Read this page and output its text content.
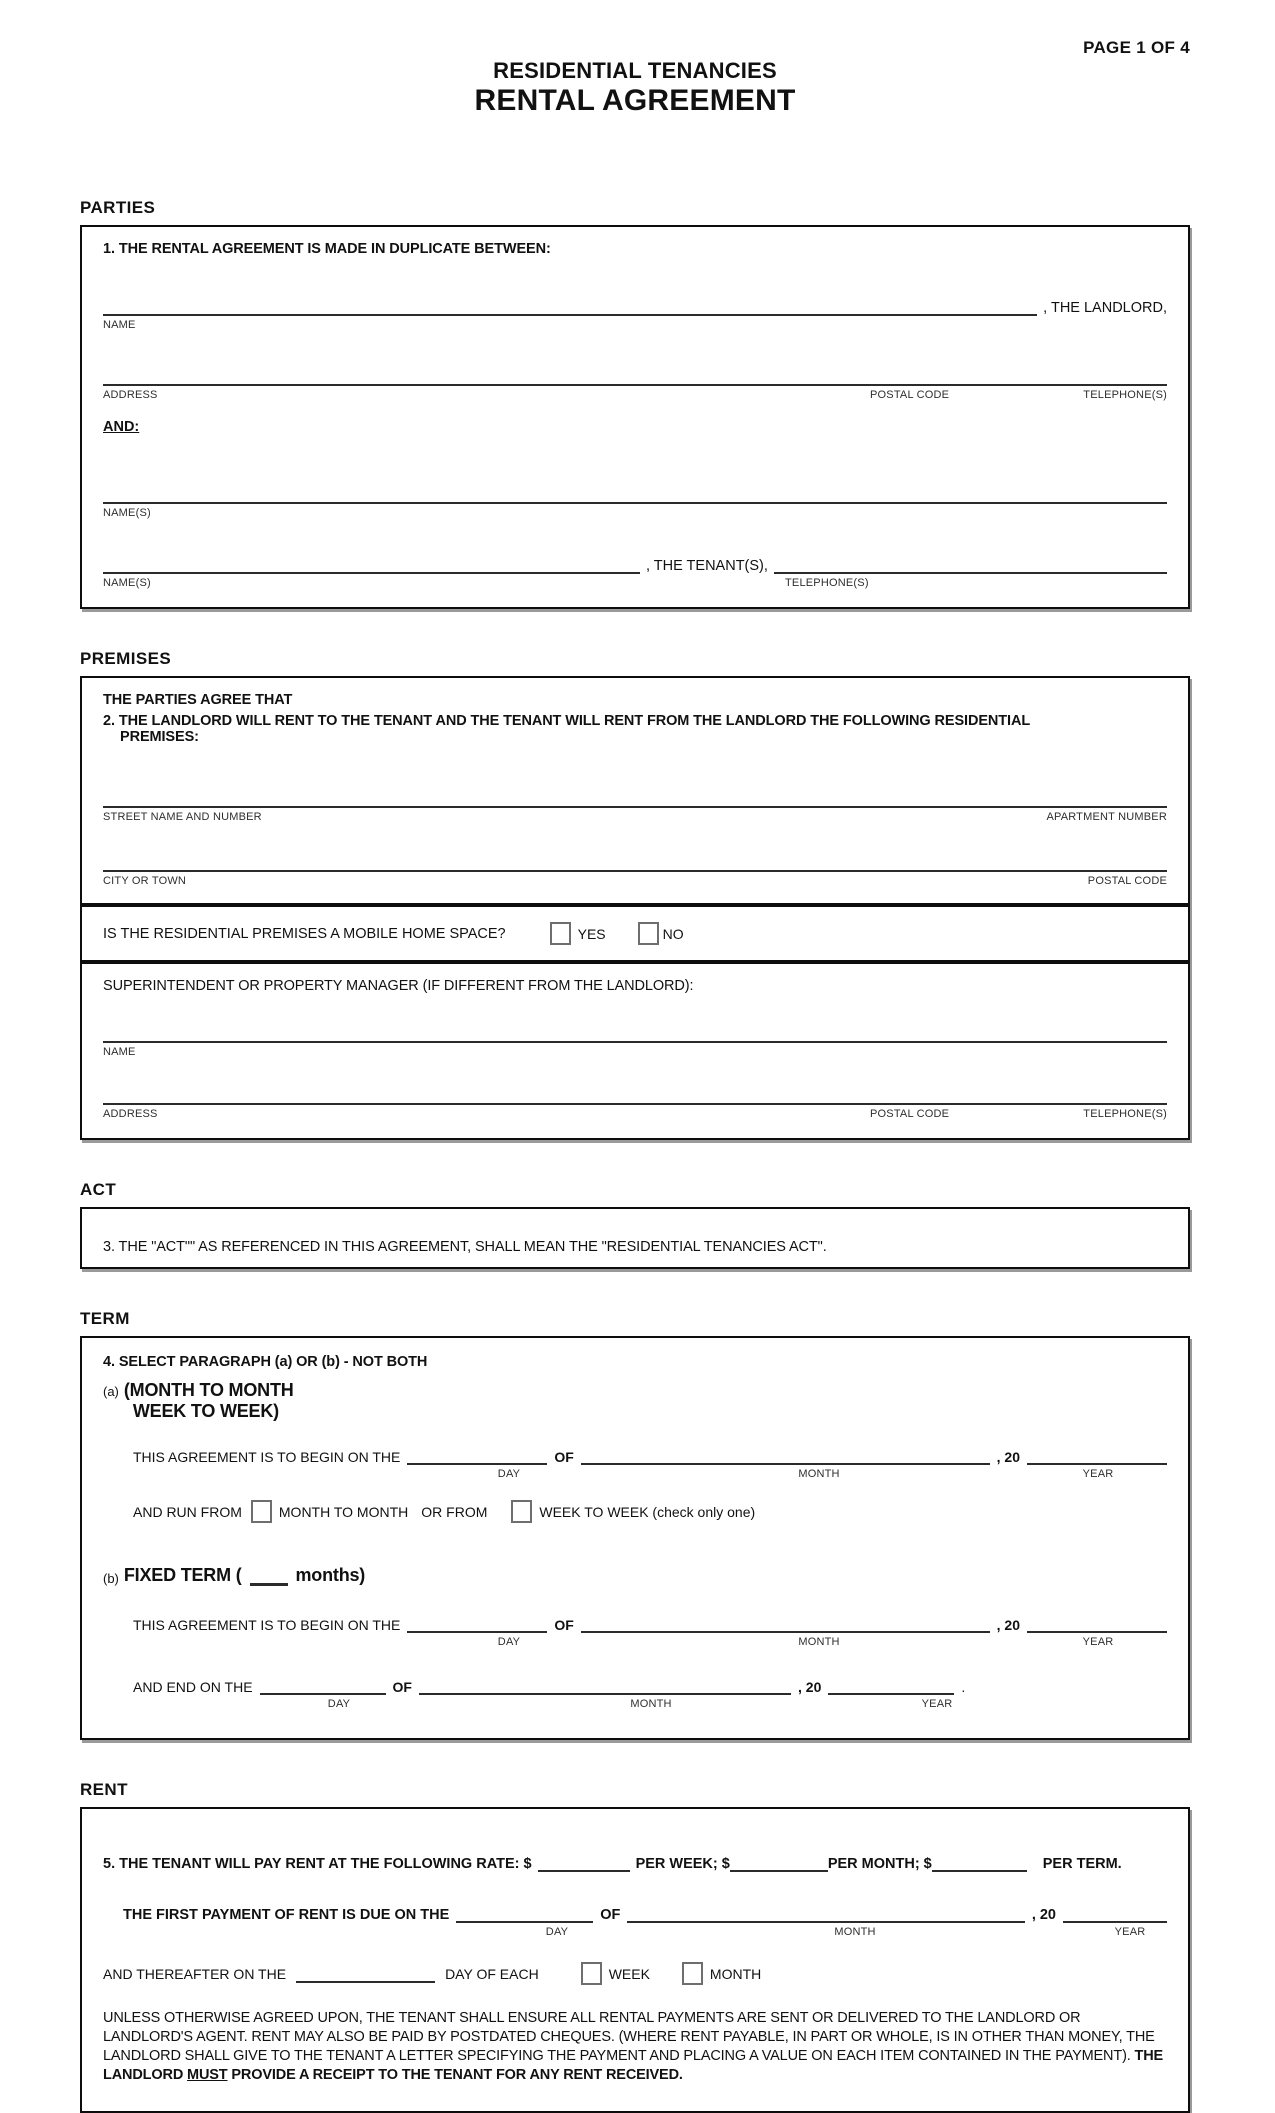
PAGE 1 OF 4
RESIDENTIAL TENANCIES
RENTAL AGREEMENT
PARTIES
1. THE RENTAL AGREEMENT IS MADE IN DUPLICATE BETWEEN:
, THE LANDLORD,
NAME
ADDRESS	POSTAL CODE	TELEPHONE(S)
AND:
NAME(S)
, THE TENANT(S),
NAME(S)	TELEPHONE(S)
PREMISES
THE PARTIES AGREE THAT
2. THE LANDLORD WILL RENT TO THE TENANT AND THE TENANT WILL RENT FROM THE LANDLORD THE FOLLOWING RESIDENTIAL
PREMISES:
STREET NAME AND NUMBER	APARTMENT NUMBER
CITY OR TOWN	POSTAL CODE
IS THE RESIDENTIAL PREMISES A MOBILE HOME SPACE?	YES	NO
SUPERINTENDENT OR PROPERTY MANAGER (IF DIFFERENT FROM THE LANDLORD):
NAME
ADDRESS	POSTAL CODE	TELEPHONE(S)
ACT
3. THE "ACT"" AS REFERENCED IN THIS AGREEMENT, SHALL MEAN THE "RESIDENTIAL TENANCIES ACT".
TERM
4. SELECT PARAGRAPH (a) OR (b) - NOT BOTH
(a) (MONTH TO MONTH
WEEK TO WEEK)
THIS AGREEMENT IS TO BEGIN ON THE	OF	, 20
DAY	MONTH	YEAR
AND RUN FROM	MONTH TO MONTH OR FROM	WEEK TO WEEK (check only one)
(b) FIXED TERM (	months)
THIS AGREEMENT IS TO BEGIN ON THE	OF	, 20
DAY	MONTH	YEAR
AND END ON THE	OF	, 20	.
DAY	MONTH	YEAR
RENT
5. THE TENANT WILL PAY RENT AT THE FOLLOWING RATE: $	PER WEEK; $	PER MONTH; $	PER TERM.
THE FIRST PAYMENT OF RENT IS DUE ON THE	OF	, 20
DAY	MONTH	YEAR
AND THEREAFTER ON THE	DAY OF EACH	WEEK	MONTH
UNLESS OTHERWISE AGREED UPON, THE TENANT SHALL ENSURE ALL RENTAL PAYMENTS ARE SENT OR DELIVERED TO THE LANDLORD OR LANDLORD'S AGENT. RENT MAY ALSO BE PAID BY POSTDATED CHEQUES. (WHERE RENT PAYABLE, IN PART OR WHOLE, IS IN OTHER THAN MONEY, THE LANDLORD SHALL GIVE TO THE TENANT A LETTER SPECIFYING THE PAYMENT AND PLACING A VALUE ON EACH ITEM CONTAINED IN THE PAYMENT). THE LANDLORD MUST PROVIDE A RECEIPT TO THE TENANT FOR ANY RENT RECEIVED.
